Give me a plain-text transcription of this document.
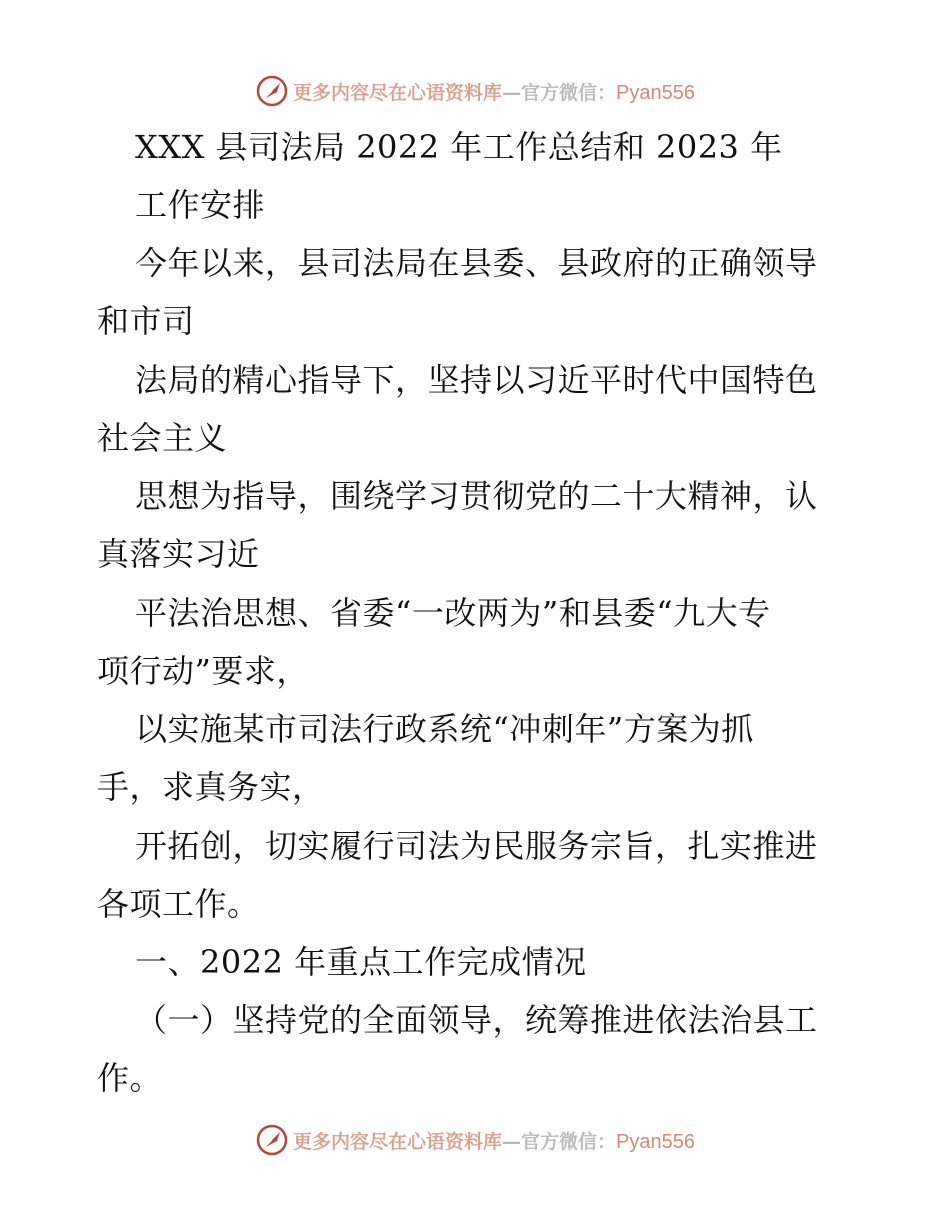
更多内容尽在心语资料库—官方微信：Pyan556
XXX 县司法局 2022 年工作总结和 2023 年
工作安排
今年以来，县司法局在县委、县政府的正确领导
和市司
法局的精心指导下，坚持以习近平时代中国特色
社会主义
思想为指导，围绕学习贯彻党的二十大精神，认
真落实习近
平法治思想、省委“一改两为”和县委“九大专
项行动”要求，
以实施某市司法行政系统“冲刺年”方案为抓
手，求真务实，
开拓创，切实履行司法为民服务宗旨，扎实推进
各项工作。
一、2022 年重点工作完成情况
（一）坚持党的全面领导，统筹推进依法治县工
作。
更多内容尽在心语资料库—官方微信：Pyan556
